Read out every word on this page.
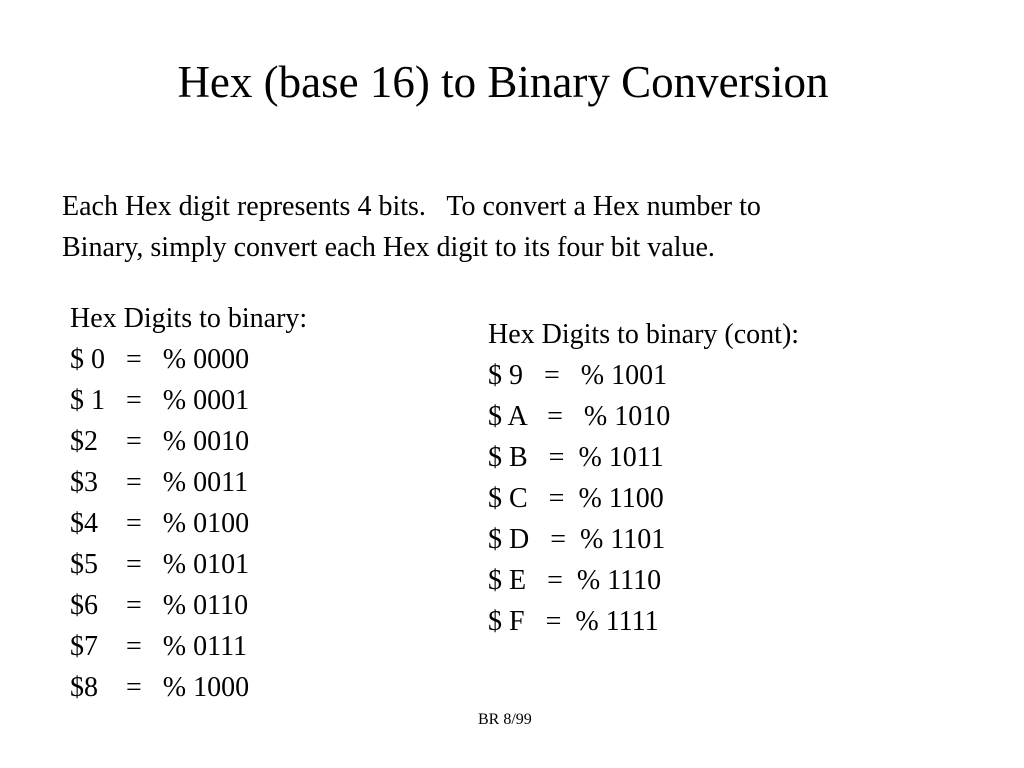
Hex (base 16) to Binary Conversion
Each Hex digit represents 4 bits.   To convert a Hex number to
Binary, simply convert each Hex digit to its four bit value.
Hex Digits to binary:
$ 0   =   % 0000
$ 1   =   % 0001
$2    =   % 0010
$3    =   % 0011
$4    =   % 0100
$5    =   % 0101
$6    =   % 0110
$7    =   % 0111
$8    =   % 1000
Hex Digits to binary (cont):
$ 9   =   % 1001
$ A   =   % 1010
$ B   =  % 1011
$ C   =  % 1100
$ D   =  % 1101
$ E   =  % 1110
$ F   =  % 1111
BR 8/99
